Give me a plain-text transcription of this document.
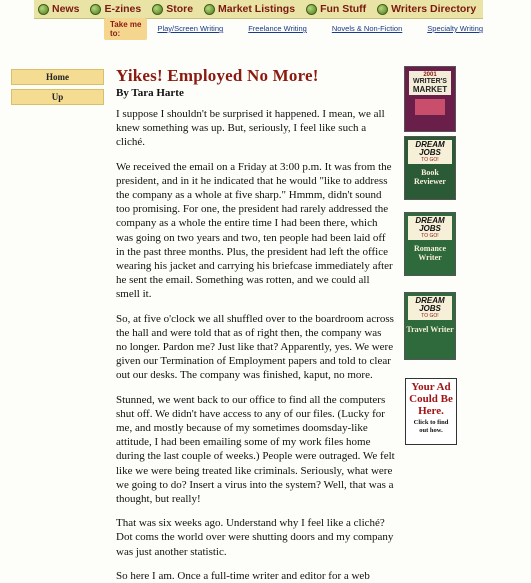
News E-zines Store Market Listings Fun Stuff Writers Directory
Take me to:	Play/Screen Writing	Freelance Writing	Novels & Non-Fiction	Specialty Writing
Home
Up
Yikes! Employed No More!
By Tara Harte

I suppose I shouldn't be surprised it happened. I mean, we all knew something was up. But, seriously, I feel like such a cliché.

We received the email on a Friday at 3:00 p.m. It was from the president, and in it he indicated that he would "like to address the company as a whole at five sharp." Hmmm, didn't sound too promising. For one, the president had rarely addressed the company as a whole the entire time I had been there, which was going on two years and two, ten people had been laid off in the past three months. Plus, the president had left the office wearing his jacket and carrying his briefcase immediately after he sent the email. Something was rotten, and we could all smell it.

So, at five o'clock we all shuffled over to the boardroom across the hall and were told that as of right then, the company was no longer. Pardon me? Just like that? Apparently, yes. We were given our Termination of Employment papers and told to clear out our desks. The company was finished, kaput, no more.

Stunned, we went back to our office to find all the computers shut off. We didn't have access to any of our files. (Lucky for me, and mostly because of my sometimes doomsday-like attitude, I had been emailing some of my work files home during the last couple of weeks.) People were outraged. We felt like we were being treated like criminals. Seriously, what were we going to do? Insert a virus into the system? Well, that was a thought, but really!

That was six weeks ago. Understand why I feel like a cliché? Dot coms the world over were shutting doors and my company was just another statistic.

So here I am. Once a full-time writer and editor for a web

2001
WRITER'S
MARKET
DREAM JOBS
TO GO!
Book Reviewer
DREAM JOBS
TO GO!
Romance Writer
DREAM JOBS
TO GO!
Travel Writer
Your Ad
Could Be
Here.
Click to find out how.
